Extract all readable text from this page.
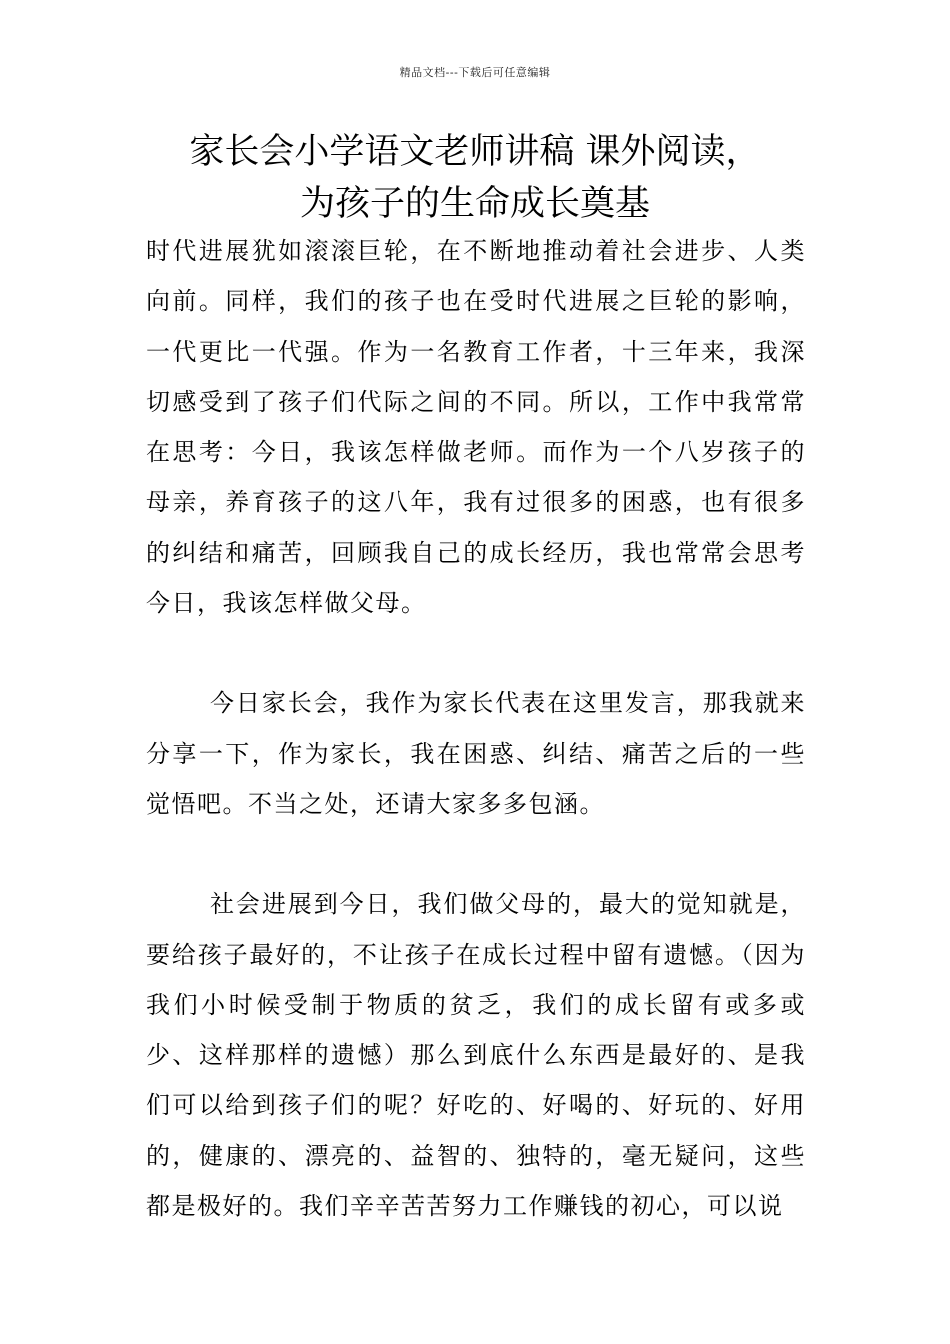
精品文档---下载后可任意编辑
家长会小学语文老师讲稿 课外阅读，
为孩子的生命成长奠基

时代进展犹如滚滚巨轮，在不断地推动着社会进步、人类向前。同样，我们的孩子也在受时代进展之巨轮的影响，一代更比一代强。作为一名教育工作者，十三年来，我深切感受到了孩子们代际之间的不同。所以，工作中我常常在思考：今日，我该怎样做老师。而作为一个八岁孩子的母亲，养育孩子的这八年，我有过很多的困惑，也有很多的纠结和痛苦，回顾我自己的成长经历，我也常常会思考今日，我该怎样做父母。

今日家长会，我作为家长代表在这里发言，那我就来分享一下，作为家长，我在困惑、纠结、痛苦之后的一些觉悟吧。不当之处，还请大家多多包涵。

社会进展到今日，我们做父母的，最大的觉知就是，要给孩子最好的，不让孩子在成长过程中留有遗憾。（因为我们小时候受制于物质的贫乏，我们的成长留有或多或少、这样那样的遗憾）那么到底什么东西是最好的、是我们可以给到孩子们的呢？好吃的、好喝的、好玩的、好用的，健康的、漂亮的、益智的、独特的，毫无疑问，这些都是极好的。我们辛辛苦苦努力工作赚钱的初心，可以说
